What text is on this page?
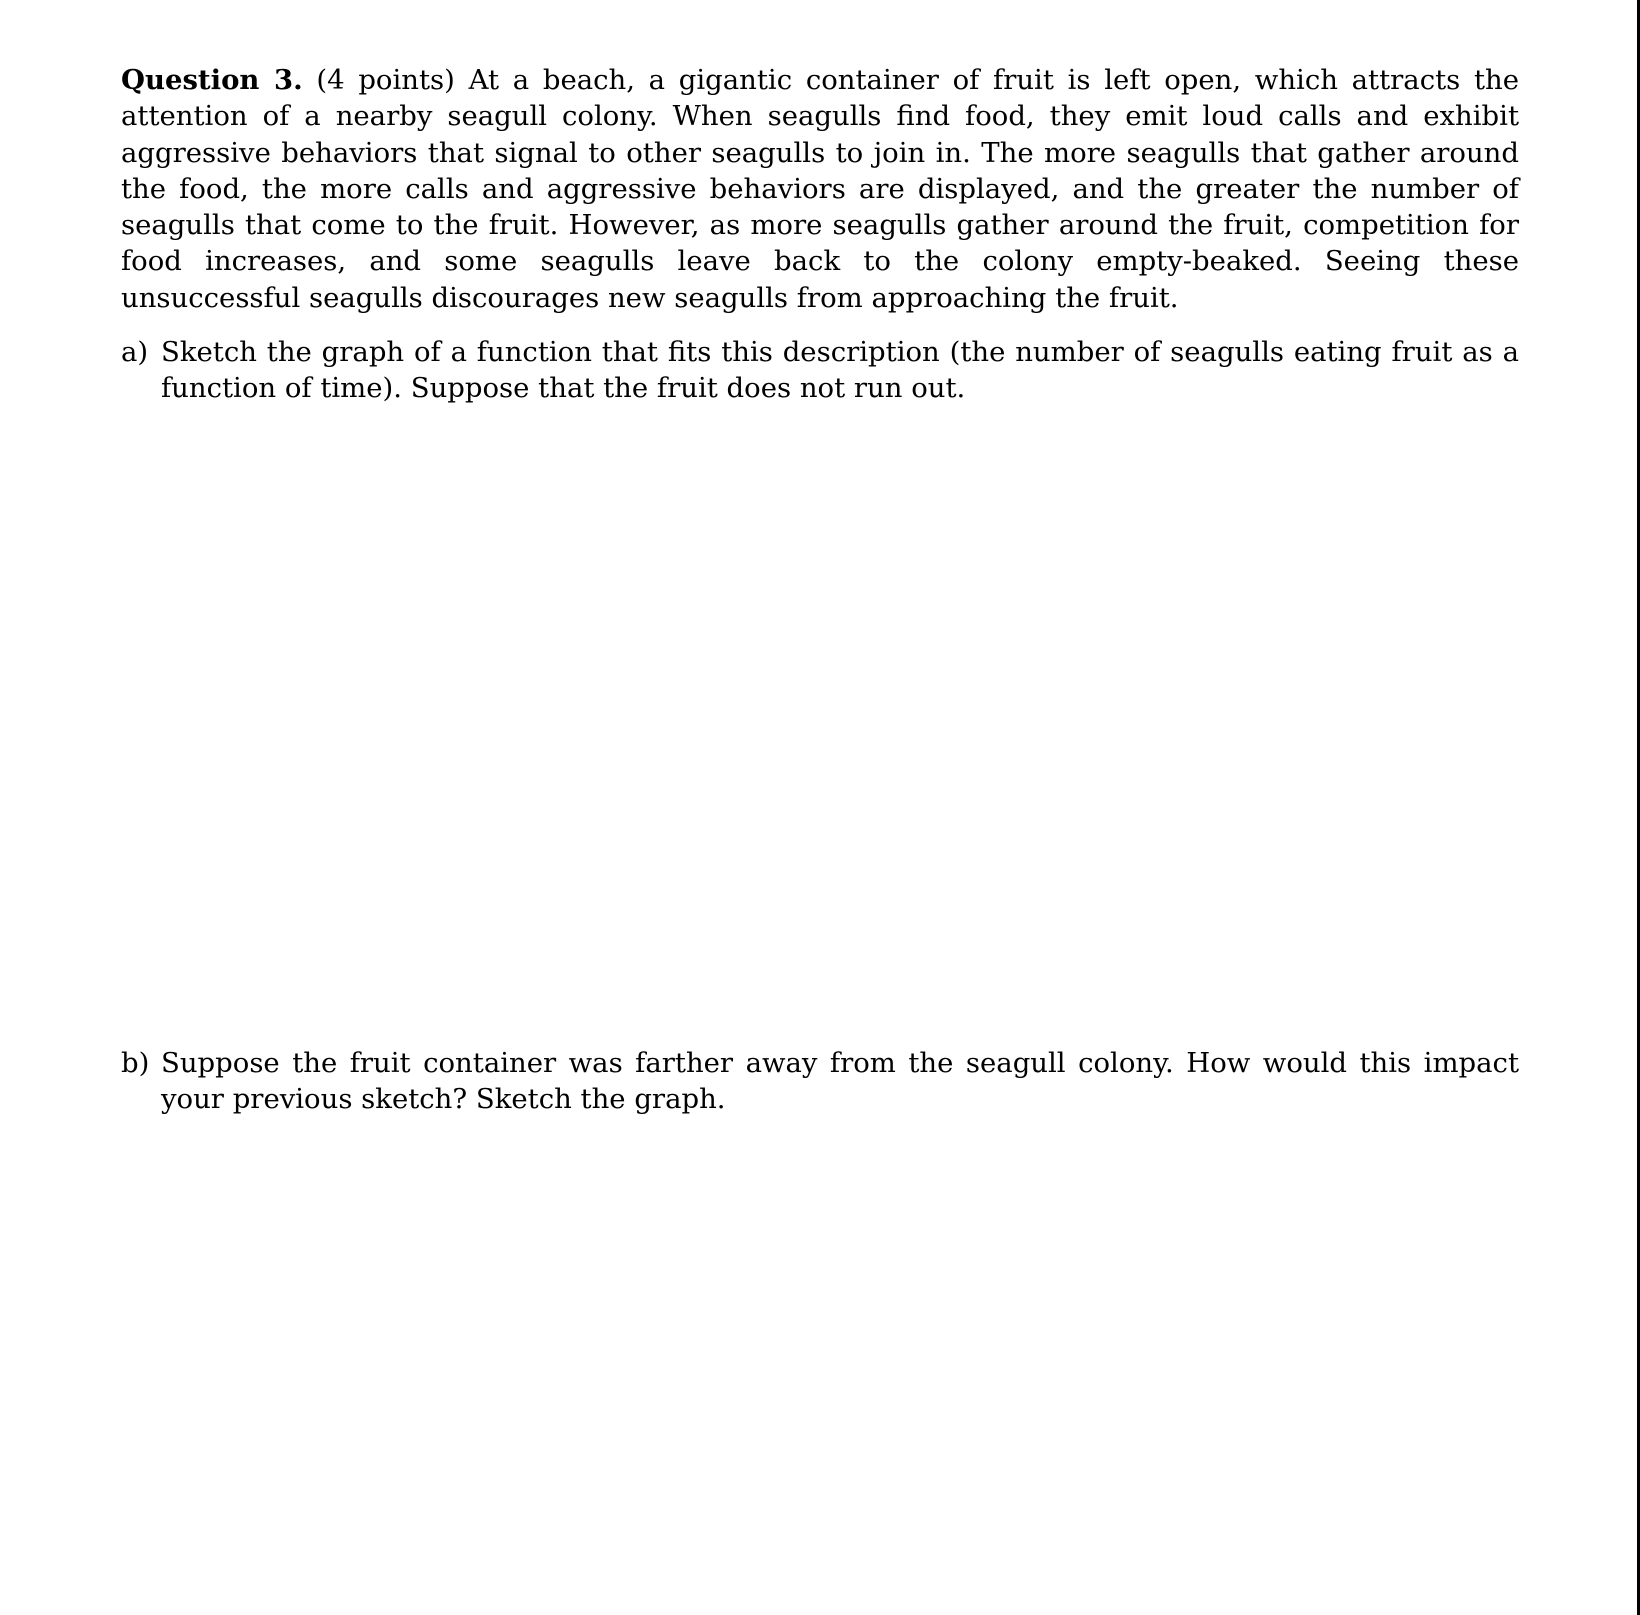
Question 3. (4 points) At a beach, a gigantic container of fruit is left open, which attracts the attention of a nearby seagull colony. When seagulls find food, they emit loud calls and exhibit aggressive behaviors that signal to other seagulls to join in. The more seagulls that gather around the food, the more calls and aggressive behaviors are displayed, and the greater the number of seagulls that come to the fruit. However, as more seagulls gather around the fruit, competition for food increases, and some seagulls leave back to the colony empty-beaked. Seeing these unsuccessful seagulls discourages new seagulls from approaching the fruit.

a) Sketch the graph of a function that fits this description (the number of seagulls eating fruit as a function of time). Suppose that the fruit does not run out.
b) Suppose the fruit container was farther away from the seagull colony. How would this impact your previous sketch? Sketch the graph.
